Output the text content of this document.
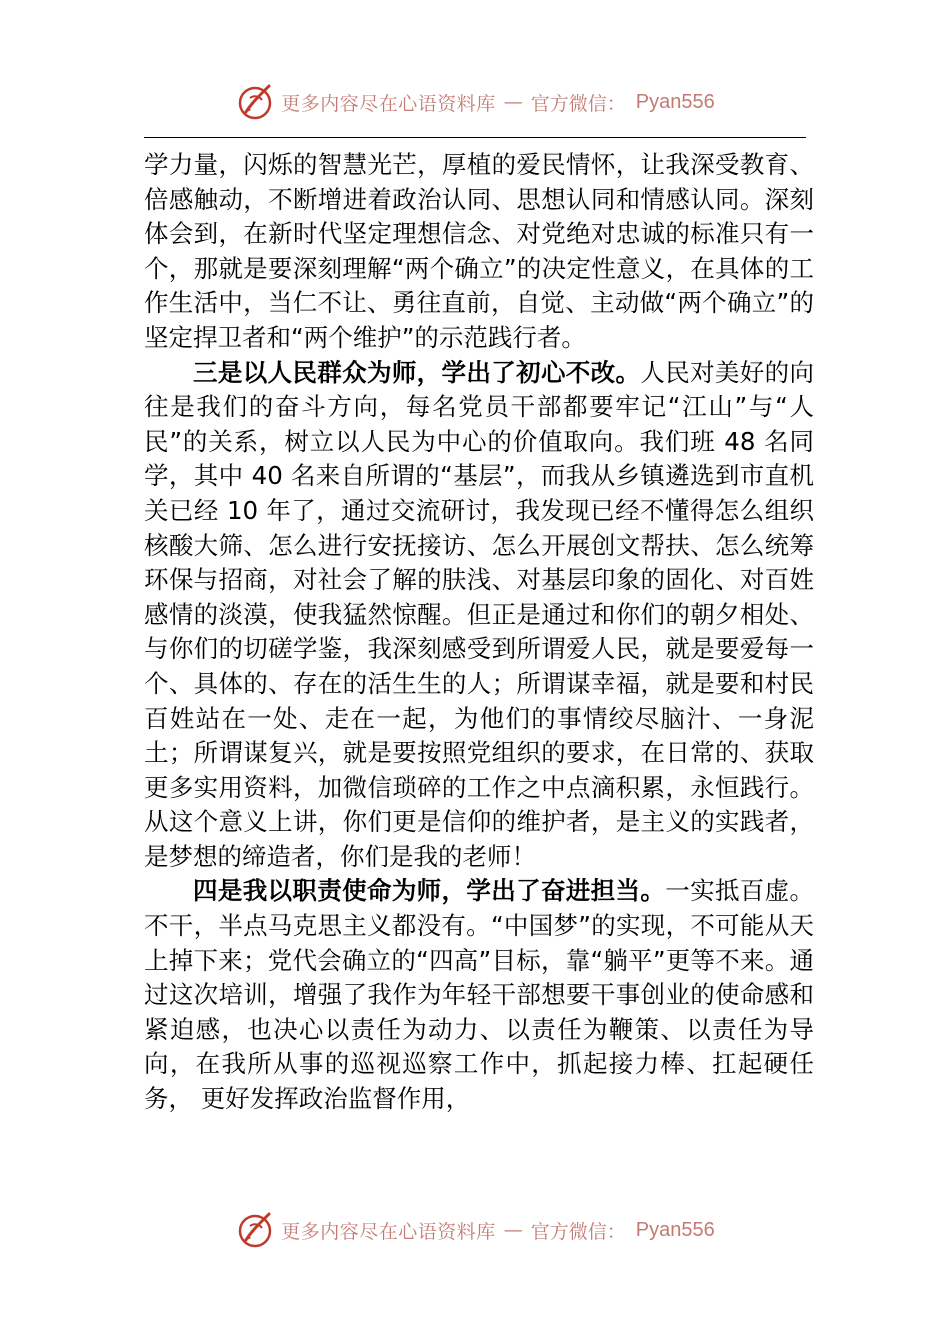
更多内容尽在心语资料库 — 官方微信： Pyan556

学力量，闪烁的智慧光芒，厚植的爱民情怀，让我深受教育、倍感触动，不断增进着政治认同、思想认同和情感认同。深刻体会到，在新时代坚定理想信念、对党绝对忠诚的标准只有一个，那就是要深刻理解“两个确立”的决定性意义，在具体的工作生活中，当仁不让、勇往直前，自觉、主动做“两个确立”的坚定捍卫者和“两个维护”的示范践行者。

三是以人民群众为师，学出了初心不改。人民对美好的向往是我们的奋斗方向，每名党员干部都要牢记“江山”与“人民”的关系，树立以人民为中心的价值取向。我们班 48 名同学，其中 40 名来自所谓的“基层”，而我从乡镇遴选到市直机关已经 10 年了，通过交流研讨，我发现已经不懂得怎么组织核酸大筛、怎么进行安抚接访、怎么开展创文帮扶、怎么统筹环保与招商，对社会了解的肤浅、对基层印象的固化、对百姓感情的淡漠，使我猛然惊醒。但正是通过和你们的朝夕相处、与你们的切磋学鉴，我深刻感受到所谓爱人民，就是要爱每一个、具体的、存在的活生生的人；所谓谋幸福，就是要和村民百姓站在一处、走在一起，为他们的事情绞尽脑汁、一身泥土；所谓谋复兴，就是要按照党组织的要求，在日常的、获取更多实用资料，加微信琐碎的工作之中点滴积累，永恒践行。从这个意义上讲，你们更是信仰的维护者，是主义的实践者，是梦想的缔造者，你们是我的老师！

四是我以职责使命为师，学出了奋进担当。一实抵百虚。不干，半点马克思主义都没有。“中国梦”的实现，不可能从天上掉下来；党代会确立的“四高”目标，靠“躺平”更等不来。通过这次培训，增强了我作为年轻干部想要干事创业的使命感和紧迫感，也决心以责任为动力、以责任为鞭策、以责任为导向，在我所从事的巡视巡察工作中，抓起接力棒、扛起硬任务， 更好发挥政治监督作用，

更多内容尽在心语资料库 — 官方微信： Pyan556
